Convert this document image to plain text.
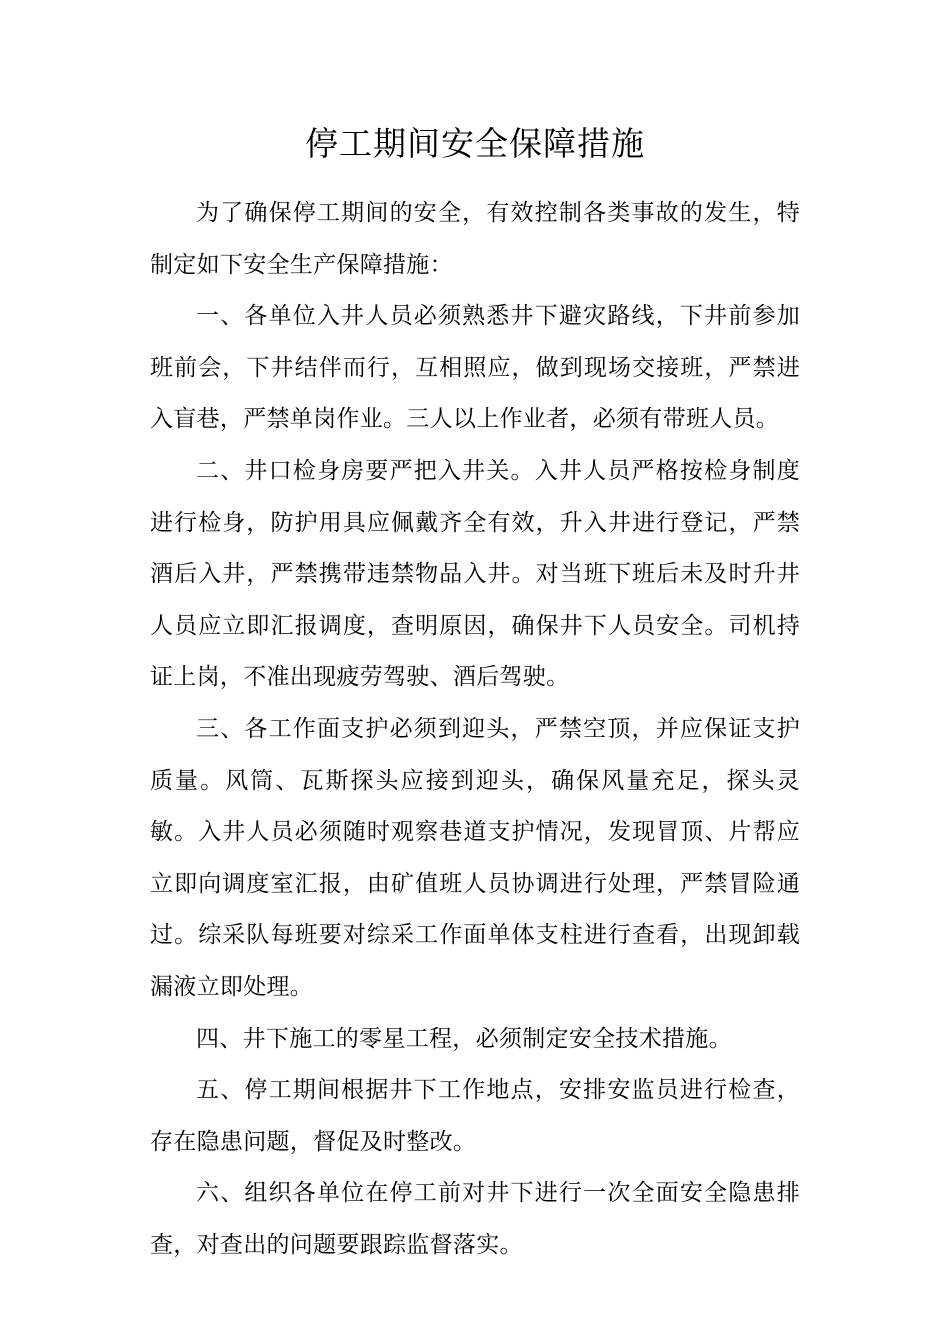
停工期间安全保障措施

为了确保停工期间的安全，有效控制各类事故的发生，特制定如下安全生产保障措施：

一、各单位入井人员必须熟悉井下避灾路线，下井前参加班前会，下井结伴而行，互相照应，做到现场交接班，严禁进入盲巷，严禁单岗作业。三人以上作业者，必须有带班人员。

二、井口检身房要严把入井关。入井人员严格按检身制度进行检身，防护用具应佩戴齐全有效，升入井进行登记，严禁酒后入井，严禁携带违禁物品入井。对当班下班后未及时升井人员应立即汇报调度，查明原因，确保井下人员安全。司机持证上岗，不准出现疲劳驾驶、酒后驾驶。

三、各工作面支护必须到迎头，严禁空顶，并应保证支护质量。风筒、瓦斯探头应接到迎头，确保风量充足，探头灵敏。入井人员必须随时观察巷道支护情况，发现冒顶、片帮应立即向调度室汇报，由矿值班人员协调进行处理，严禁冒险通过。综采队每班要对综采工作面单体支柱进行查看，出现卸载漏液立即处理。

四、井下施工的零星工程，必须制定安全技术措施。

五、停工期间根据井下工作地点，安排安监员进行检查，存在隐患问题，督促及时整改。

六、组织各单位在停工前对井下进行一次全面安全隐患排查，对查出的问题要跟踪监督落实。
